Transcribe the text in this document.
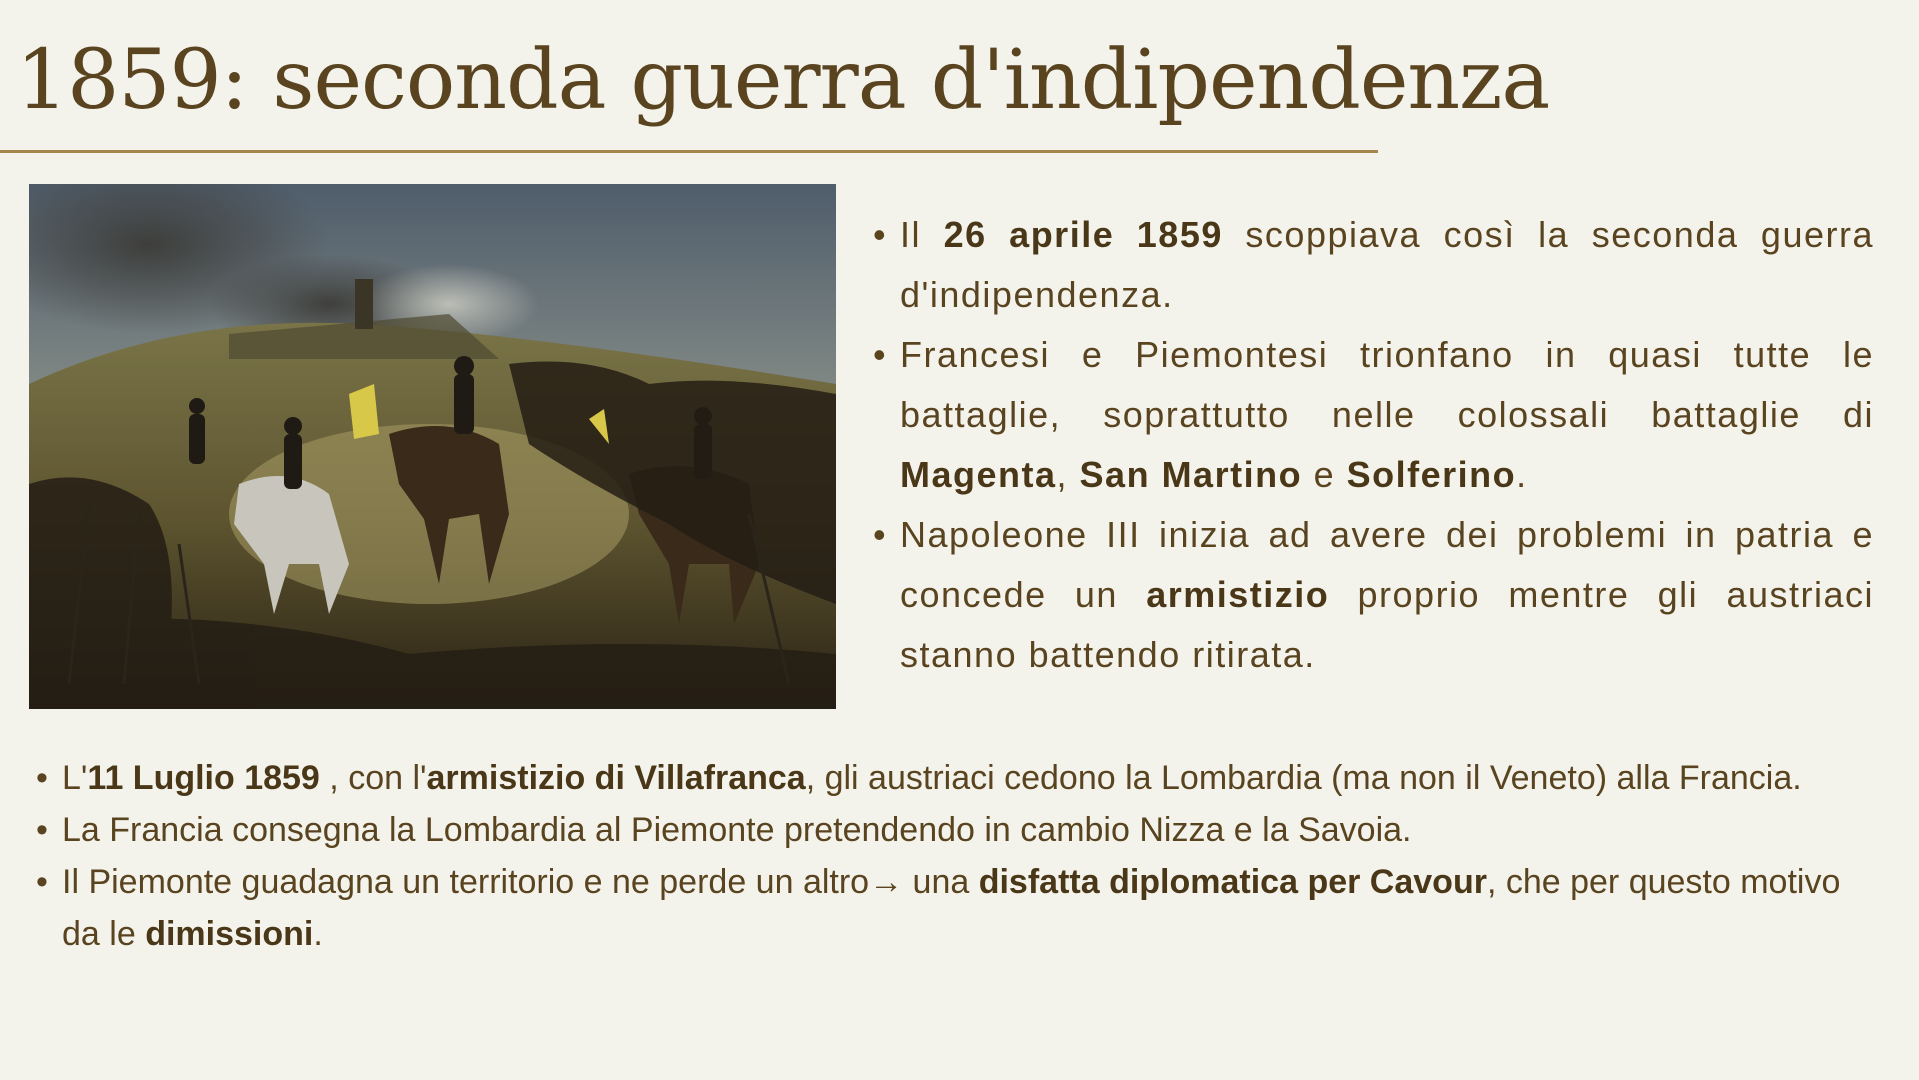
1859: seconda guerra d'indipendenza
• Il 26 aprile 1859 scoppiava così la seconda guerra d'indipendenza.
• Francesi e Piemontesi trionfano in quasi tutte le battaglie, soprattutto nelle colossali battaglie di Magenta, San Martino e Solferino.
• Napoleone III inizia ad avere dei problemi in patria e concede un armistizio proprio mentre gli austriaci stanno battendo ritirata.
• L'11 Luglio 1859 , con l'armistizio di Villafranca, gli austriaci cedono la Lombardia (ma non il Veneto) alla Francia.
• La Francia consegna la Lombardia al Piemonte pretendendo in cambio Nizza e la Savoia.
• Il Piemonte guadagna un territorio e ne perde un altro→ una disfatta diplomatica per Cavour, che per questo motivo da le dimissioni.
